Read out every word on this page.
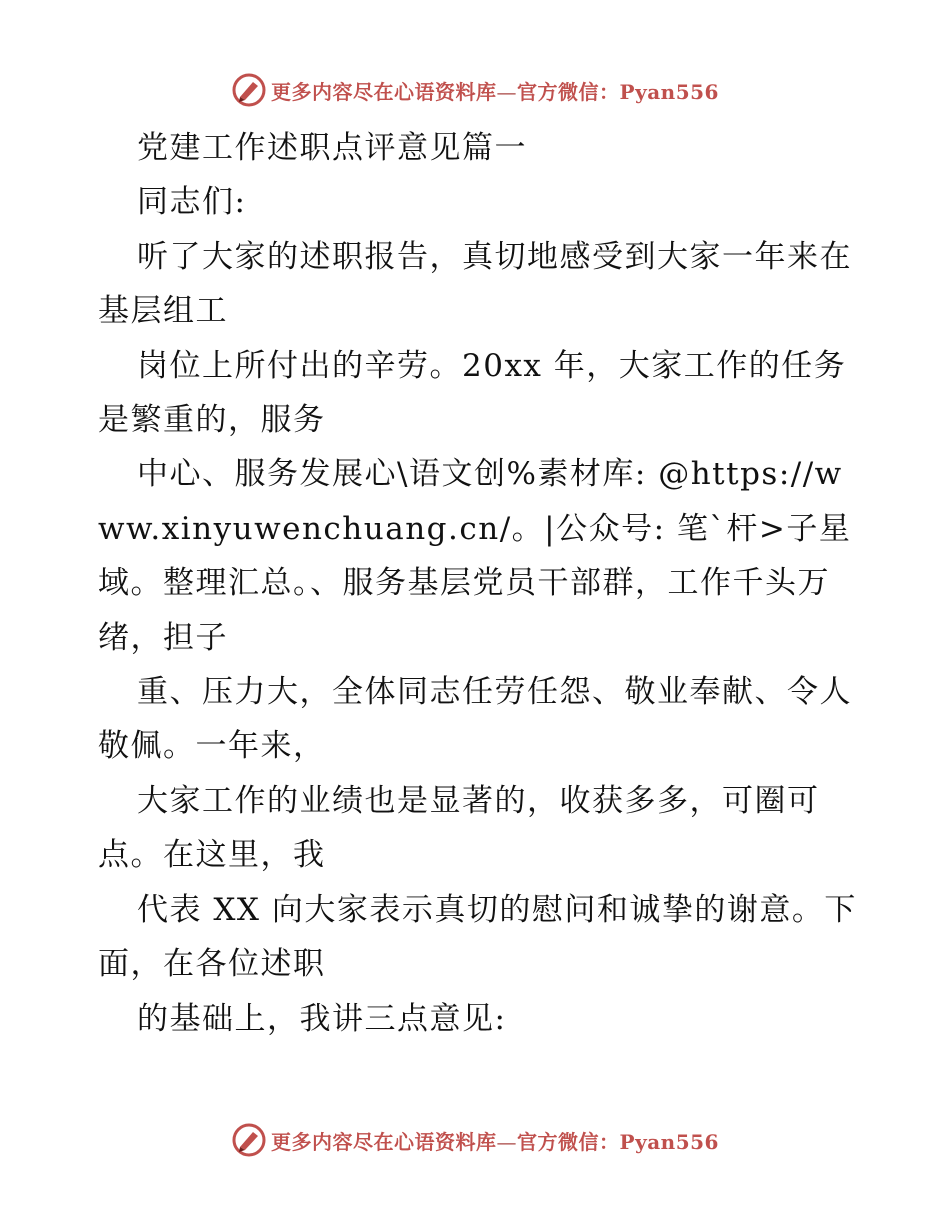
更多内容尽在心语资料库—官方微信：Pyan556

党建工作述职点评意见篇一

同志们:

听了大家的述职报告，真切地感受到大家一年来在基层组工

岗位上所付出的辛劳。20xx 年，大家工作的任务是繁重的，服务

中心、服务发展心\语文创%素材库: @https://www.xinyuwenchuang.cn/。|公众号: 笔`杆>子星域。整理汇总。、服务基层党员干部群，工作千头万绪，担子

重、压力大，全体同志任劳任怨、敬业奉献、令人敬佩。一年来，

大家工作的业绩也是显著的，收获多多，可圈可点。在这里，我

代表 XX 向大家表示真切的慰问和诚挚的谢意。下面，在各位述职

的基础上，我讲三点意见:

更多内容尽在心语资料库—官方微信：Pyan556
